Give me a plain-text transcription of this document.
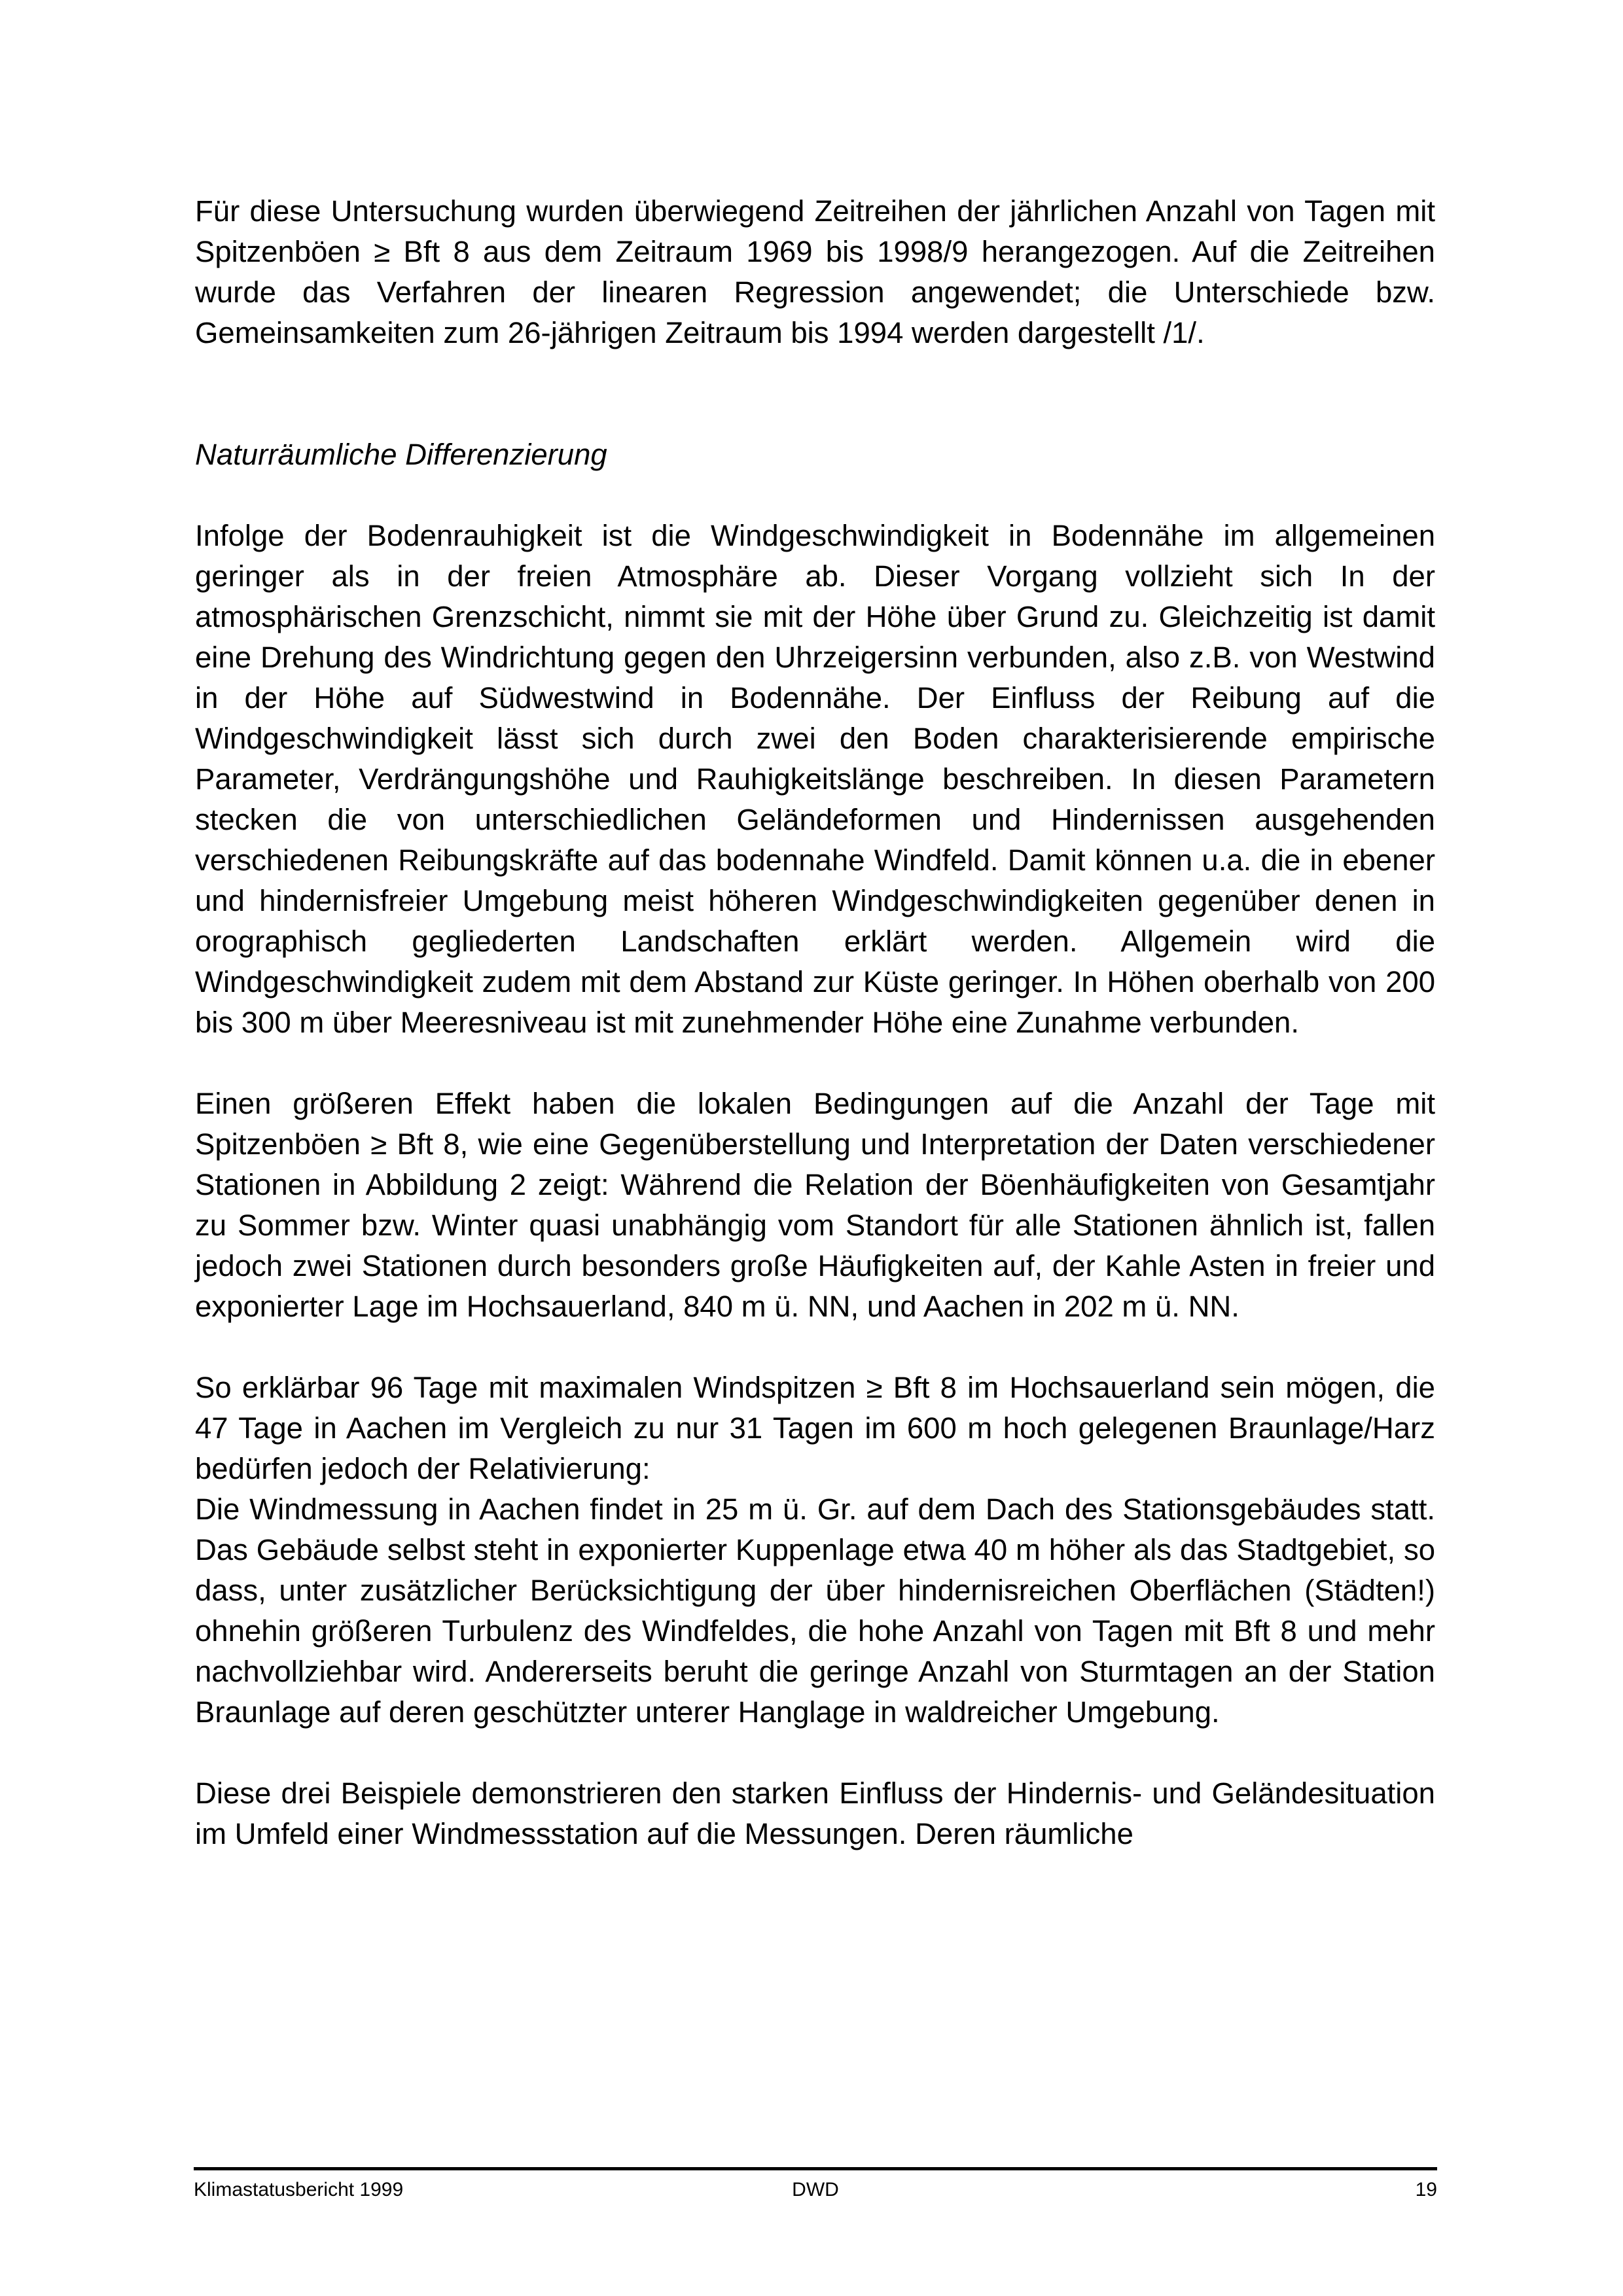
Für diese Untersuchung wurden überwiegend Zeitreihen der jährlichen Anzahl von Tagen mit Spitzenböen ≥ Bft 8 aus dem Zeitraum 1969 bis 1998/9 herangezogen. Auf die Zeitreihen wurde das Verfahren der linearen Regression angewendet; die Unterschiede bzw. Gemeinsamkeiten zum 26-jährigen Zeitraum bis 1994 werden dargestellt /1/.

Naturräumliche Differenzierung

Infolge der Bodenrauhigkeit ist die Windgeschwindigkeit in Bodennähe im allgemeinen geringer als in der freien Atmosphäre ab. Dieser Vorgang vollzieht sich In der atmosphärischen Grenzschicht, nimmt sie mit der Höhe über Grund zu. Gleichzeitig ist damit eine Drehung des Windrichtung gegen den Uhrzeigersinn verbunden, also z.B. von Westwind in der Höhe auf Südwestwind in Bodennähe. Der Einfluss der Reibung auf die Windgeschwindigkeit lässt sich durch zwei den Boden charakterisierende empirische Parameter, Verdrängungshöhe und Rauhigkeitslänge beschreiben. In diesen Parametern stecken die von unterschiedlichen Geländeformen und Hindernissen ausgehenden verschiedenen Reibungskräfte auf das bodennahe Windfeld. Damit können u.a. die in ebener und hindernisfreier Umgebung meist höheren Windgeschwindigkeiten gegenüber denen in orographisch gegliederten Landschaften erklärt werden. Allgemein wird die Windgeschwindigkeit zudem mit dem Abstand zur Küste geringer. In Höhen oberhalb von 200 bis 300 m über Meeresniveau ist mit zunehmender Höhe eine Zunahme verbunden.

Einen größeren Effekt haben die lokalen Bedingungen auf die Anzahl der Tage mit Spitzenböen ≥ Bft 8, wie eine Gegenüberstellung und Interpretation der Daten verschiedener Stationen in Abbildung 2 zeigt: Während die Relation der Böenhäufigkeiten von Gesamtjahr zu Sommer bzw. Winter quasi unabhängig vom Standort für alle Stationen ähnlich ist, fallen jedoch zwei Stationen durch besonders große Häufigkeiten auf, der Kahle Asten in freier und exponierter Lage im Hochsauerland, 840 m ü. NN, und Aachen in 202 m ü. NN.

So erklärbar 96 Tage mit maximalen Windspitzen ≥ Bft 8 im Hochsauerland sein mögen, die 47 Tage in Aachen im Vergleich zu nur 31 Tagen im 600 m hoch gelegenen Braunlage/Harz bedürfen jedoch der Relativierung:

Die Windmessung in Aachen findet in 25 m ü. Gr. auf dem Dach des Stationsgebäudes statt. Das Gebäude selbst steht in exponierter Kuppenlage etwa 40 m höher als das Stadtgebiet, so dass, unter zusätzlicher Berücksichtigung der über hindernisreichen Oberflächen (Städten!) ohnehin größeren Turbulenz des Windfeldes, die hohe Anzahl von Tagen mit Bft 8 und mehr nachvollziehbar wird. Andererseits beruht die geringe Anzahl von Sturmtagen an der Station Braunlage auf deren geschützter unterer Hanglage in waldreicher Umgebung.

Diese drei Beispiele demonstrieren den starken Einfluss der Hindernis- und Geländesituation im Umfeld einer Windmessstation auf die Messungen. Deren räumliche

Klimastatusbericht 1999	DWD	19
